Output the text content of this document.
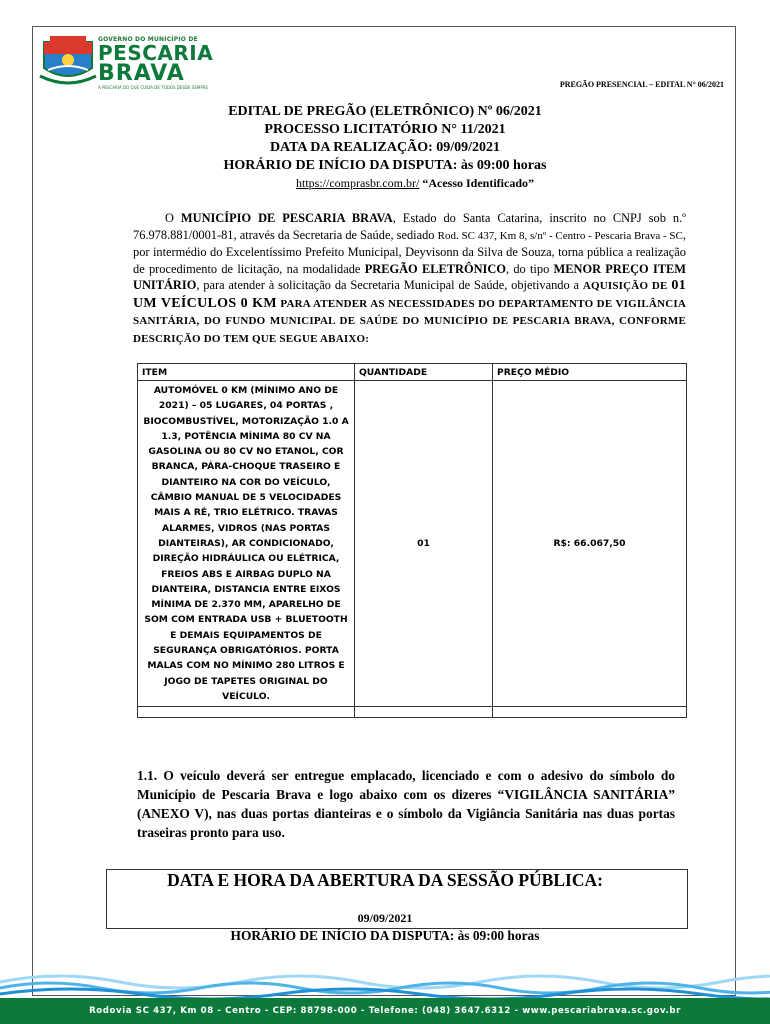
GOVERNO DO MUNICÍPIO DE
PESCARIA
BRAVA
A PESCARIA DO QUE CUIDA DE TODOS DESDE SEMPRE	PREGÃO PRESENCIAL – EDITAL N° 06/2021
EDITAL DE PREGÃO (ELETRÔNICO) Nº 06/2021
PROCESSO LICITATÓRIO N° 11/2021
DATA DA REALIZAÇÃO: 09/09/2021
HORÁRIO DE INÍCIO DA DISPUTA: às 09:00 horas
https://comprasbr.com.br/ “Acesso Identificado”
O MUNICÍPIO DE PESCARIA BRAVA, Estado do Santa Catarina, inscrito no CNPJ sob n.º 76.978.881/0001-81, através da Secretaria de Saúde, sediado Rod. SC 437, Km 8, s/nº - Centro - Pescaria Brava - SC, por intermédio do Excelentíssimo Prefeito Municipal, Deyvisonn da Silva de Souza, torna pública a realização de procedimento de licitação, na modalidade PREGÃO ELETRÔNICO, do tipo MENOR PREÇO ITEM UNITÁRIO, para atender à solicitação da Secretaria Municipal de Saúde, objetivando a AQUISIÇÃO DE 01 UM VEÍCULOS 0 KM PARA ATENDER AS NECESSIDADES DO DEPARTAMENTO DE VIGILÂNCIA SANITÁRIA, DO FUNDO MUNICIPAL DE SAÚDE DO MUNICÍPIO DE PESCARIA BRAVA, CONFORME DESCRIÇÃO DO TEM QUE SEGUE ABAIXO:
ITEM	QUANTIDADE	PREÇO MÉDIO
AUTOMÓVEL 0 KM (MÍNIMO ANO DE 2021) – 05 LUGARES, 04 PORTAS , BIOCOMBUSTÍVEL, MOTORIZAÇÃO 1.0 A 1.3, POTÊNCIA MÍNIMA 80 CV NA GASOLINA OU 80 CV NO ETANOL, COR BRANCA, PÁRA-CHOQUE TRASEIRO E DIANTEIRO NA COR DO VEÍCULO, CÂMBIO MANUAL DE 5 VELOCIDADES MAIS A RÉ, TRIO ELÉTRICO. TRAVAS ALARMES, VIDROS (NAS PORTAS DIANTEIRAS), AR CONDICIONADO, DIREÇÃO HIDRÁULICA OU ELÉTRICA, FREIOS ABS E AIRBAG DUPLO NA DIANTEIRA, DISTANCIA ENTRE EIXOS MÍNIMA DE 2.370 MM, APARELHO DE SOM COM ENTRADA USB + BLUETOOTH E DEMAIS EQUIPAMENTOS DE SEGURANÇA OBRIGATÓRIOS. PORTA MALAS COM NO MÍNIMO 280 LITROS E JOGO DE TAPETES ORIGINAL DO VEÍCULO.	01	R$: 66.067,50

1.1. O veículo deverá ser entregue emplacado, licenciado e com o adesivo do símbolo do Município de Pescaria Brava e logo abaixo com os dizeres “VIGILÂNCIA SANITÁRIA” (ANEXO V), nas duas portas dianteiras e o símbolo da Vigiância Sanitária nas duas portas traseiras pronto para uso.
DATA E HORA DA ABERTURA DA SESSÃO PÚBLICA:
09/09/2021
HORÁRIO DE INÍCIO DA DISPUTA: às 09:00 horas
Rodovia SC 437, Km 08 - Centro - CEP: 88798-000 - Telefone: (048) 3647.6312 - www.pescariabrava.sc.gov.br
